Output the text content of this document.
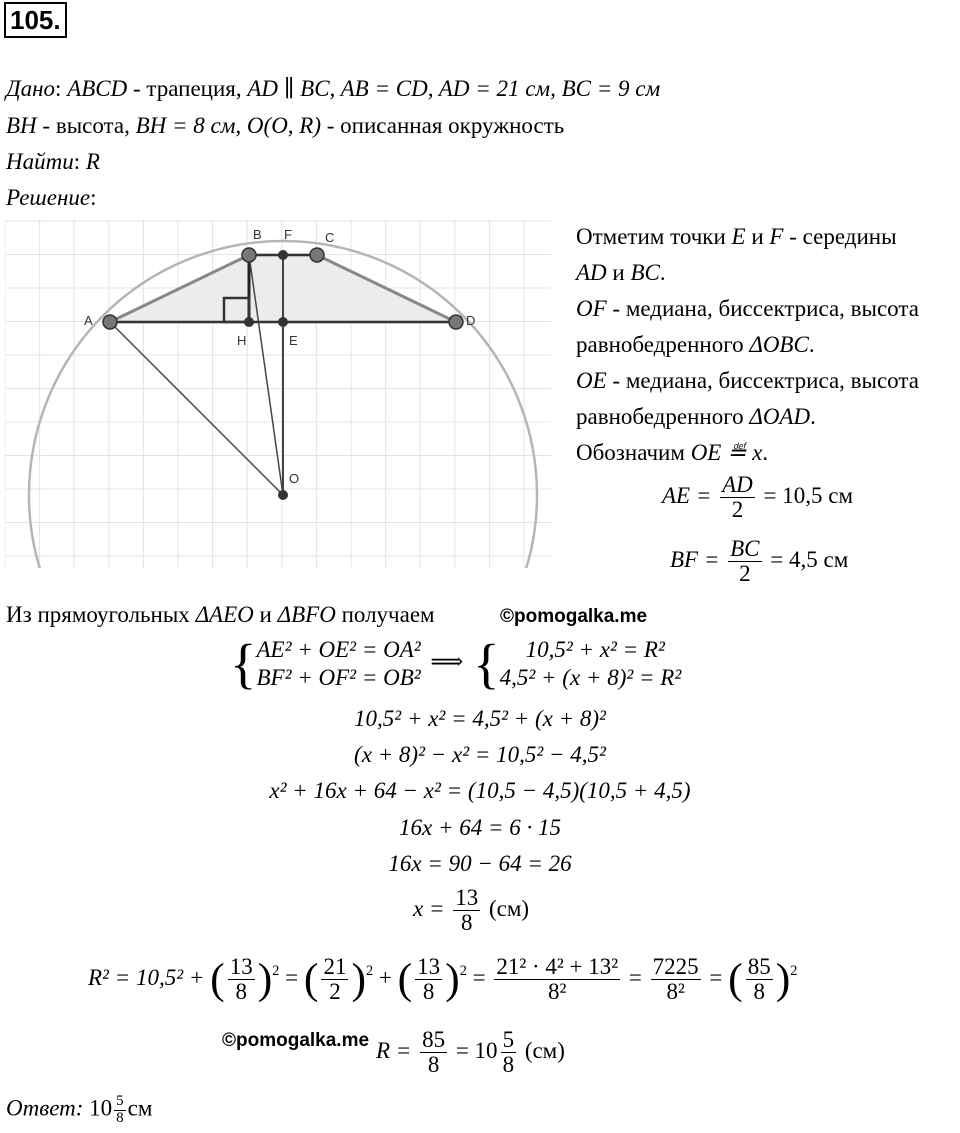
105.
Дано: ABCD - трапеция, AD ∥ BC, AB = CD, AD = 21 см, BC = 9 см
BH - высота, BH = 8 см, O(O, R) - описанная окружность
Найти: R
Решение:
A
B	C
D
F
H	E
O
Отметим точки E и F - середины
AD и BC.
OF - медиана, биссектриса, высота
равнобедренного ΔOBC.
OE - медиана, биссектриса, высота
равнобедренного ΔOAD.
Обозначим OE ≝ x.
AE = $\frac{AD}{2} = 10,5$ см
BF = $\frac{BC}{2} = 4,5$ см
Из прямоугольных ΔAEO и ΔBFO получаем	©pomogalka.me
{AE² + OE² = OA²
BF² + OF² = OB² ⟹ { 10,5² + x² = R²
4,5² + (x + 8)² = R²
10,5² + x² = 4,5² + (x + 8)²
(x + 8)² − x² = 10,5² − 4,5²
x² + 16x + 64 − x² = (10,5 − 4,5)(10,5 + 4,5)
16x + 64 = 6 · 15
16x = 90 − 64 = 26
$x = \frac{13}{8} (см)$
R² = 10,5² + ( $\frac{13}{8} )^2$ = ( $\frac{21}{2} )^2$ + ( $\frac{13}{8} )^2 = \frac{\text{21² · 4² + 13²}}{\text{8²}} = \frac{7225}{\text{8²}}$ = ( $\frac{85}{8} )^2$
©pomogalka.me $R = \frac{85}{8} = 10 \frac{5}{8} (см)$
Ответ: $10 \frac{5}{8}$ см
